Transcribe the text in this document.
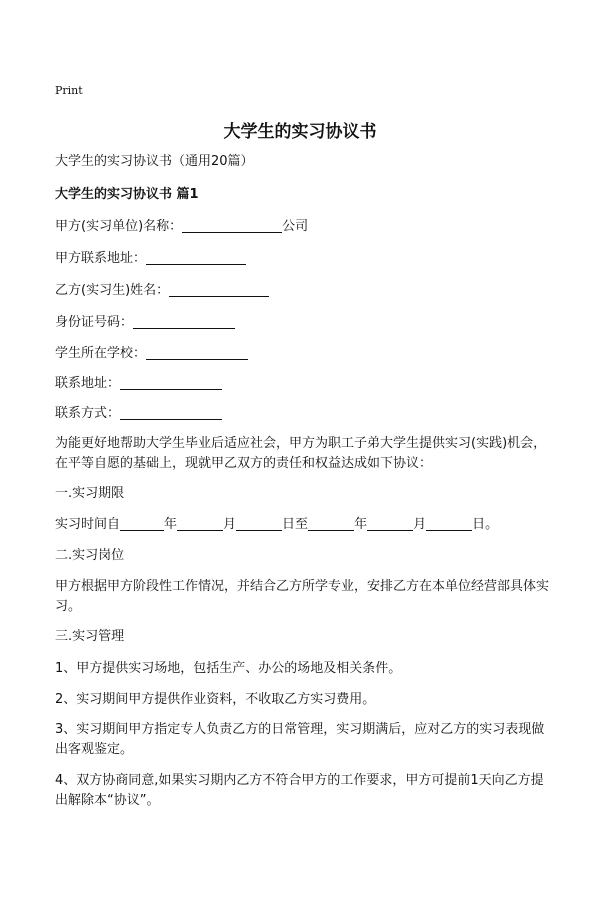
Print
大学生的实习协议书
大学生的实习协议书（通用20篇）
大学生的实习协议书 篇1
甲方(实习单位)名称：	公司
甲方联系地址：
乙方(实习生)姓名：
身份证号码：
学生所在学校：
联系地址：
联系方式：
为能更好地帮助大学生毕业后适应社会，甲方为职工子弟大学生提供实习(实践)机会，在平等自愿的基础上，现就甲乙双方的责任和权益达成如下协议：
一.实习期限
实习时间自	年	月	日至	年	月	日。
二.实习岗位
甲方根据甲方阶段性工作情况，并结合乙方所学专业，安排乙方在本单位经营部具体实习。
三.实习管理
1、甲方提供实习场地，包括生产、办公的场地及相关条件。
2、实习期间甲方提供作业资料，不收取乙方实习费用。
3、实习期间甲方指定专人负责乙方的日常管理，实习期满后，应对乙方的实习表现做出客观鉴定。
4、双方协商同意,如果实习期内乙方不符合甲方的工作要求，甲方可提前1天向乙方提出解除本“协议”。
